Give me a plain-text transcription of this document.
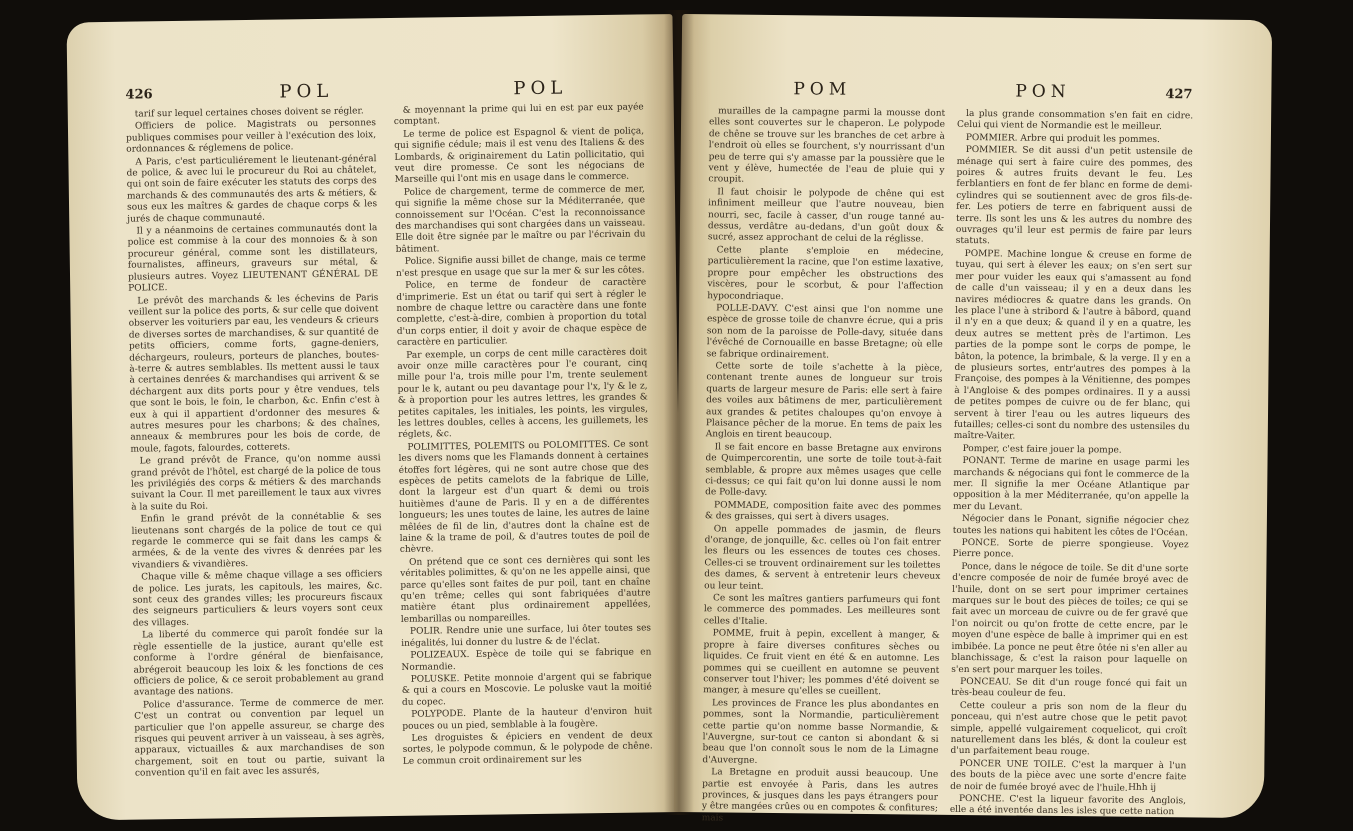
426	POL	POL

tarif sur lequel certaines choses doivent se régler.

Officiers de police. Magistrats ou personnes publiques commises pour veiller à l'exécution des loix, ordonnances & réglemens de police.

A Paris, c'est particuliérement le lieutenant-général de police, & avec lui le procureur du Roi au châtelet, qui ont soin de faire exécuter les statuts des corps des marchands & des communautés des arts & métiers, & sous eux les maîtres & gardes de chaque corps & les jurés de chaque communauté.

Il y a néanmoins de certaines communautés dont la police est commise à la cour des monnoies & à son procureur général, comme sont les distillateurs, fournalistes, affineurs, graveurs sur métal, & plusieurs autres. Voyez LIEUTENANT GÉNÉRAL DE POLICE.

Le prévôt des marchands & les échevins de Paris veillent sur la police des ports, & sur celle que doivent observer les voituriers par eau, les vendeurs & crieurs de diverses sortes de marchandises, & sur quantité de petits officiers, comme forts, gagne-deniers, déchargeurs, rouleurs, porteurs de planches, boutes-à-terre & autres semblables. Ils mettent aussi le taux à certaines denrées & marchandises qui arrivent & se déchargent aux dits ports pour y être vendues, tels que sont le bois, le foin, le charbon, &c. Enfin c'est à eux à qui il appartient d'ordonner des mesures & autres mesures pour les charbons; & des chaînes, anneaux & membrures pour les bois de corde, de moule, fagots, falourdes, cotterets.

Le grand prévôt de France, qu'on nomme aussi grand prévôt de l'hôtel, est chargé de la police de tous les privilégiés des corps & métiers & des marchands suivant la Cour. Il met pareillement le taux aux vivres à la suite du Roi.

Enfin le grand prévôt de la connétablie & ses lieutenans sont chargés de la police de tout ce qui regarde le commerce qui se fait dans les camps & armées, & de la vente des vivres & denrées par les vivandiers & vivandières.

Chaque ville & même chaque village a ses officiers de police. Les jurats, les capitouls, les maires, &c. sont ceux des grandes villes; les procureurs fiscaux des seigneurs particuliers & leurs voyers sont ceux des villages.

La liberté du commerce qui paroît fondée sur la règle essentielle de la justice, aurant qu'elle est conforme à l'ordre général de bienfaisance, abrégeroit beaucoup les loix & les fonctions de ces officiers de police, & ce seroit probablement au grand avantage des nations.

Police d'assurance. Terme de commerce de mer. C'est un contrat ou convention par lequel un particulier que l'on appelle assureur, se charge des risques qui peuvent arriver à un vaisseau, à ses agrès, apparaux, victuailles & aux marchandises de son chargement, soit en tout ou partie, suivant la convention qu'il en fait avec les assurés,

& moyennant la prime qui lui en est par eux payée comptant.

Le terme de police est Espagnol & vient de poliça, qui signifie cédule; mais il est venu des Italiens & des Lombards, & originairement du Latin pollicitatio, qui veut dire promesse. Ce sont les négocians de Marseille qui l'ont mis en usage dans le commerce.

Police de chargement, terme de commerce de mer, qui signifie la même chose sur la Méditerranée, que connoissement sur l'Océan. C'est la reconnoissance des marchandises qui sont chargées dans un vaisseau. Elle doit être signée par le maître ou par l'écrivain du bâtiment.

Police. Signifie aussi billet de change, mais ce terme n'est presque en usage que sur la mer & sur les côtes.

Police, en terme de fondeur de caractère d'imprimerie. Est un état ou tarif qui sert à régler le nombre de chaque lettre ou caractère dans une fonte complette, c'est-à-dire, combien à proportion du total d'un corps entier, il doit y avoir de chaque espèce de caractère en particulier.

Par exemple, un corps de cent mille caractères doit avoir onze mille caractères pour l'e courant, cinq mille pour l'a, trois mille pour l'm, trente seulement pour le k, autant ou peu davantage pour l'x, l'y & le z, & à proportion pour les autres lettres, les grandes & petites capitales, les initiales, les points, les virgules, les lettres doubles, celles à accens, les guillemets, les réglets, &c.

POLIMITTES, POLEMITS ou POLOMITTES. Ce sont les divers noms que les Flamands donnent à certaines étoffes fort légères, qui ne sont autre chose que des espèces de petits camelots de la fabrique de Lille, dont la largeur est d'un quart & demi ou trois huitièmes d'aune de Paris. Il y en a de différentes longueurs; les unes toutes de laine, les autres de laine mêlées de fil de lin, d'autres dont la chaîne est de laine & la trame de poil, & d'autres toutes de poil de chèvre.

On prétend que ce sont ces dernières qui sont les véritables polimittes, & qu'on ne les appelle ainsi, que parce qu'elles sont faites de pur poil, tant en chaîne qu'en trême; celles qui sont fabriquées d'autre matière étant plus ordinairement appellées, lembarillas ou nompareilles.

POLIR. Rendre unie une surface, lui ôter toutes ses inégalités, lui donner du lustre & de l'éclat.

POLIZEAUX. Espèce de toile qui se fabrique en Normandie.

POLUSKE. Petite monnoie d'argent qui se fabrique & qui a cours en Moscovie. Le poluske vaut la moitié du copec.

POLYPODE. Plante de la hauteur d'environ huit pouces ou un pied, semblable à la fougère.

Les droguistes & épiciers en vendent de deux sortes, le polypode commun, & le polypode de chêne. Le commun croit ordinairement sur les

POM	PON	427

murailles de la campagne parmi la mousse dont elles sont couvertes sur le chaperon. Le polypode de chêne se trouve sur les branches de cet arbre à l'endroit où elles se fourchent, s'y nourrissant d'un peu de terre qui s'y amasse par la poussière que le vent y élève, humectée de l'eau de pluie qui y croupit.

Il faut choisir le polypode de chêne qui est infiniment meilleur que l'autre nouveau, bien nourri, sec, facile à casser, d'un rouge tanné au-dessus, verdâtre au-dedans, d'un goût doux & sucré, assez approchant de celui de la réglisse.

Cette plante s'emploie en médecine, particulièrement la racine, que l'on estime laxative, propre pour empêcher les obstructions des viscères, pour le scorbut, & pour l'affection hypocondriaque.

POLLE-DAVY. C'est ainsi que l'on nomme une espèce de grosse toile de chanvre écrue, qui a pris son nom de la paroisse de Polle-davy, située dans l'évêché de Cornouaille en basse Bretagne; où elle se fabrique ordinairement.

Cette sorte de toile s'achette à la pièce, contenant trente aunes de longueur sur trois quarts de largeur mesure de Paris: elle sert à faire des voiles aux bâtimens de mer, particulièrement aux grandes & petites chaloupes qu'on envoye à Plaisance pêcher de la morue. En tems de paix les Anglois en tirent beaucoup.

Il se fait encore en basse Bretagne aux environs de Quimpercorentin, une sorte de toile tout-à-fait semblable, & propre aux mêmes usages que celle ci-dessus; ce qui fait qu'on lui donne aussi le nom de Polle-davy.

POMMADE, composition faite avec des pommes & des graisses, qui sert à divers usages.

On appelle pommades de jasmin, de fleurs d'orange, de jonquille, &c. celles où l'on fait entrer les fleurs ou les essences de toutes ces choses. Celles-ci se trouvent ordinairement sur les toilettes des dames, & servent à entretenir leurs cheveux ou leur teint.

Ce sont les maîtres gantiers parfumeurs qui font le commerce des pommades. Les meilleures sont celles d'Italie.

POMME, fruit à pepin, excellent à manger, & propre à faire diverses confitures sèches ou liquides. Ce fruit vient en été & en automne. Les pommes qui se cueillent en automne se peuvent conserver tout l'hiver; les pommes d'été doivent se manger, à mesure qu'elles se cueillent.

Les provinces de France les plus abondantes en pommes, sont la Normandie, particulièrement cette partie qu'on nomme basse Normandie, & l'Auvergne, sur-tout ce canton si abondant & si beau que l'on connoît sous le nom de la Limagne d'Auvergne.

La Bretagne en produit aussi beaucoup. Une partie est envoyée à Paris, dans les autres provinces, & jusques dans les pays étrangers pour y être mangées crûes ou en compotes & confitures; mais

la plus grande consommation s'en fait en cidre. Celui qui vient de Normandie est le meilleur.

POMMIER. Arbre qui produit les pommes.

POMMIER. Se dit aussi d'un petit ustensile de ménage qui sert à faire cuire des pommes, des poires & autres fruits devant le feu. Les ferblantiers en font de fer blanc en forme de demi-cylindres qui se soutiennent avec de gros fils-de-fer. Les potiers de terre en fabriquent aussi de terre. Ils sont les uns & les autres du nombre des ouvrages qu'il leur est permis de faire par leurs statuts.

POMPE. Machine longue & creuse en forme de tuyau, qui sert à élever les eaux; on s'en sert sur mer pour vuider les eaux qui s'amassent au fond de calle d'un vaisseau; il y en a deux dans les navires médiocres & quatre dans les grands. On les place l'une à stribord & l'autre à bâbord, quand il n'y en a que deux; & quand il y en a quatre, les deux autres se mettent près de l'artimon. Les parties de la pompe sont le corps de pompe, le bâton, la potence, la brimbale, & la verge. Il y en a de plusieurs sortes, entr'autres des pompes à la Françoise, des pompes à la Vénitienne, des pompes à l'Angloise & des pompes ordinaires. Il y a aussi de petites pompes de cuivre ou de fer blanc, qui servent à tirer l'eau ou les autres liqueurs des futailles; celles-ci sont du nombre des ustensiles du maître-Vaiter.

Pomper, c'est faire jouer la pompe.

PONANT. Terme de marine en usage parmi les marchands & négocians qui font le commerce de la mer. Il signifie la mer Océane Atlantique par opposition à la mer Méditerranée, qu'on appelle la mer du Levant.

Négocier dans le Ponant, signifie négocier chez toutes les nations qui habitent les côtes de l'Océan.

PONCE. Sorte de pierre spongieuse. Voyez Pierre ponce.

Ponce, dans le négoce de toile. Se dit d'une sorte d'encre composée de noir de fumée broyé avec de l'huile, dont on se sert pour imprimer certaines marques sur le bout des pièces de toiles; ce qui se fait avec un morceau de cuivre ou de fer gravé que l'on noircit ou qu'on frotte de cette encre, par le moyen d'une espèce de balle à imprimer qui en est imbibée. La ponce ne peut être ôtée ni s'en aller au blanchissage, & c'est la raison pour laquelle on s'en sert pour marquer les toiles.

PONCEAU. Se dit d'un rouge foncé qui fait un très-beau couleur de feu.

Cette couleur a pris son nom de la fleur du ponceau, qui n'est autre chose que le petit pavot simple, appellé vulgairement coquelicot, qui croît naturellement dans les blés, & dont la couleur est d'un parfaitement beau rouge.

PONCER UNE TOILE. C'est la marquer à l'un des bouts de la pièce avec une sorte d'encre faite de noir de fumée broyé avec de l'huile.

PONCHE. C'est la liqueur favorite des Anglois, elle a été inventée dans les isles que cette nation

Hhh ij
